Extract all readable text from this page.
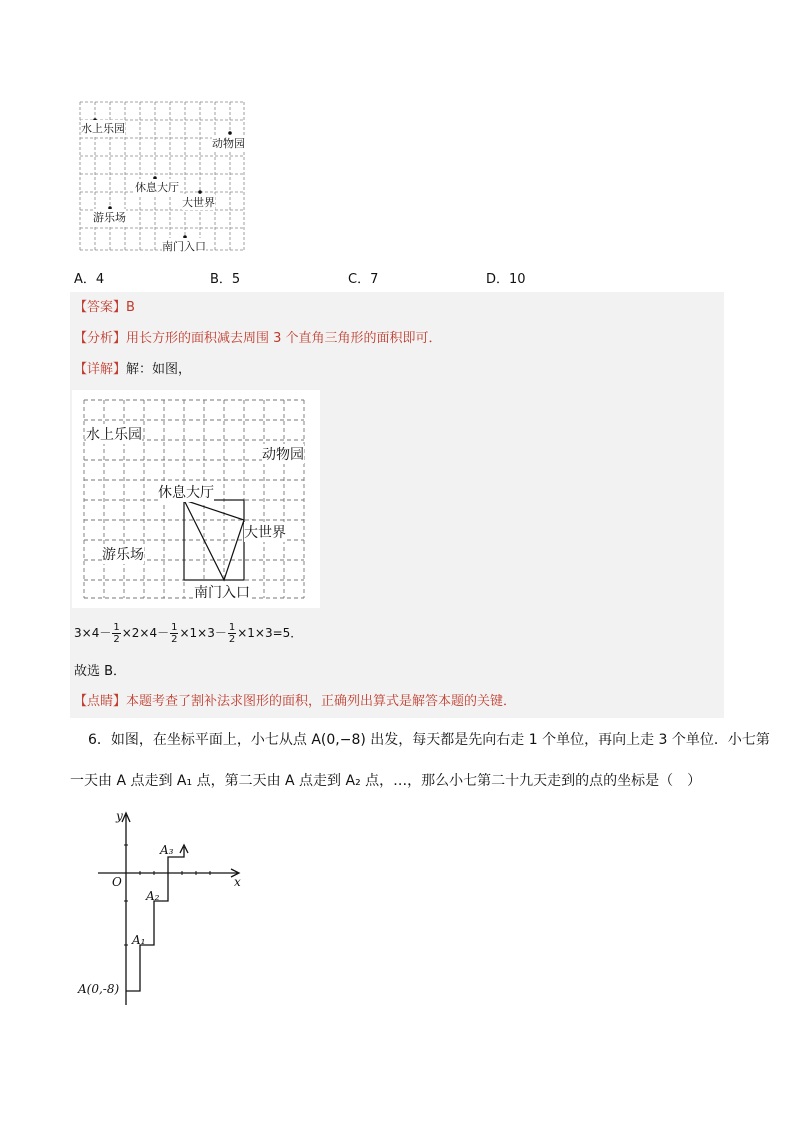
水上乐园
动物园
休息大厅
大世界
游乐场
南门入口
A．4	B．5	C．7	D．10
【答案】B
【分析】用长方形的面积减去周围 3 个直角三角形的面积即可．
【详解】解：如图，
水上乐园
动物园
休息大厅
大世界
游乐场
南门入口
$3\times 4- \frac{1}{2} \times 2\times 4- \frac{1}{2} \times 1\times 3- \frac{1}{2} \times 1\times 3=5$．
故选 B．
【点睛】本题考查了割补法求图形的面积，正确列出算式是解答本题的关键．
6．如图，在坐标平面上，小七从点 A(0,−8) 出发，每天都是先向右走 1 个单位，再向上走 3 个单位．小七第
一天由 A 点走到 A₁ 点，第二天由 A 点走到 A₂ 点，…，那么小七第二十九天走到的点的坐标是（　）
y
x
O
A₃
A₂
A₁
A(0,-8)
